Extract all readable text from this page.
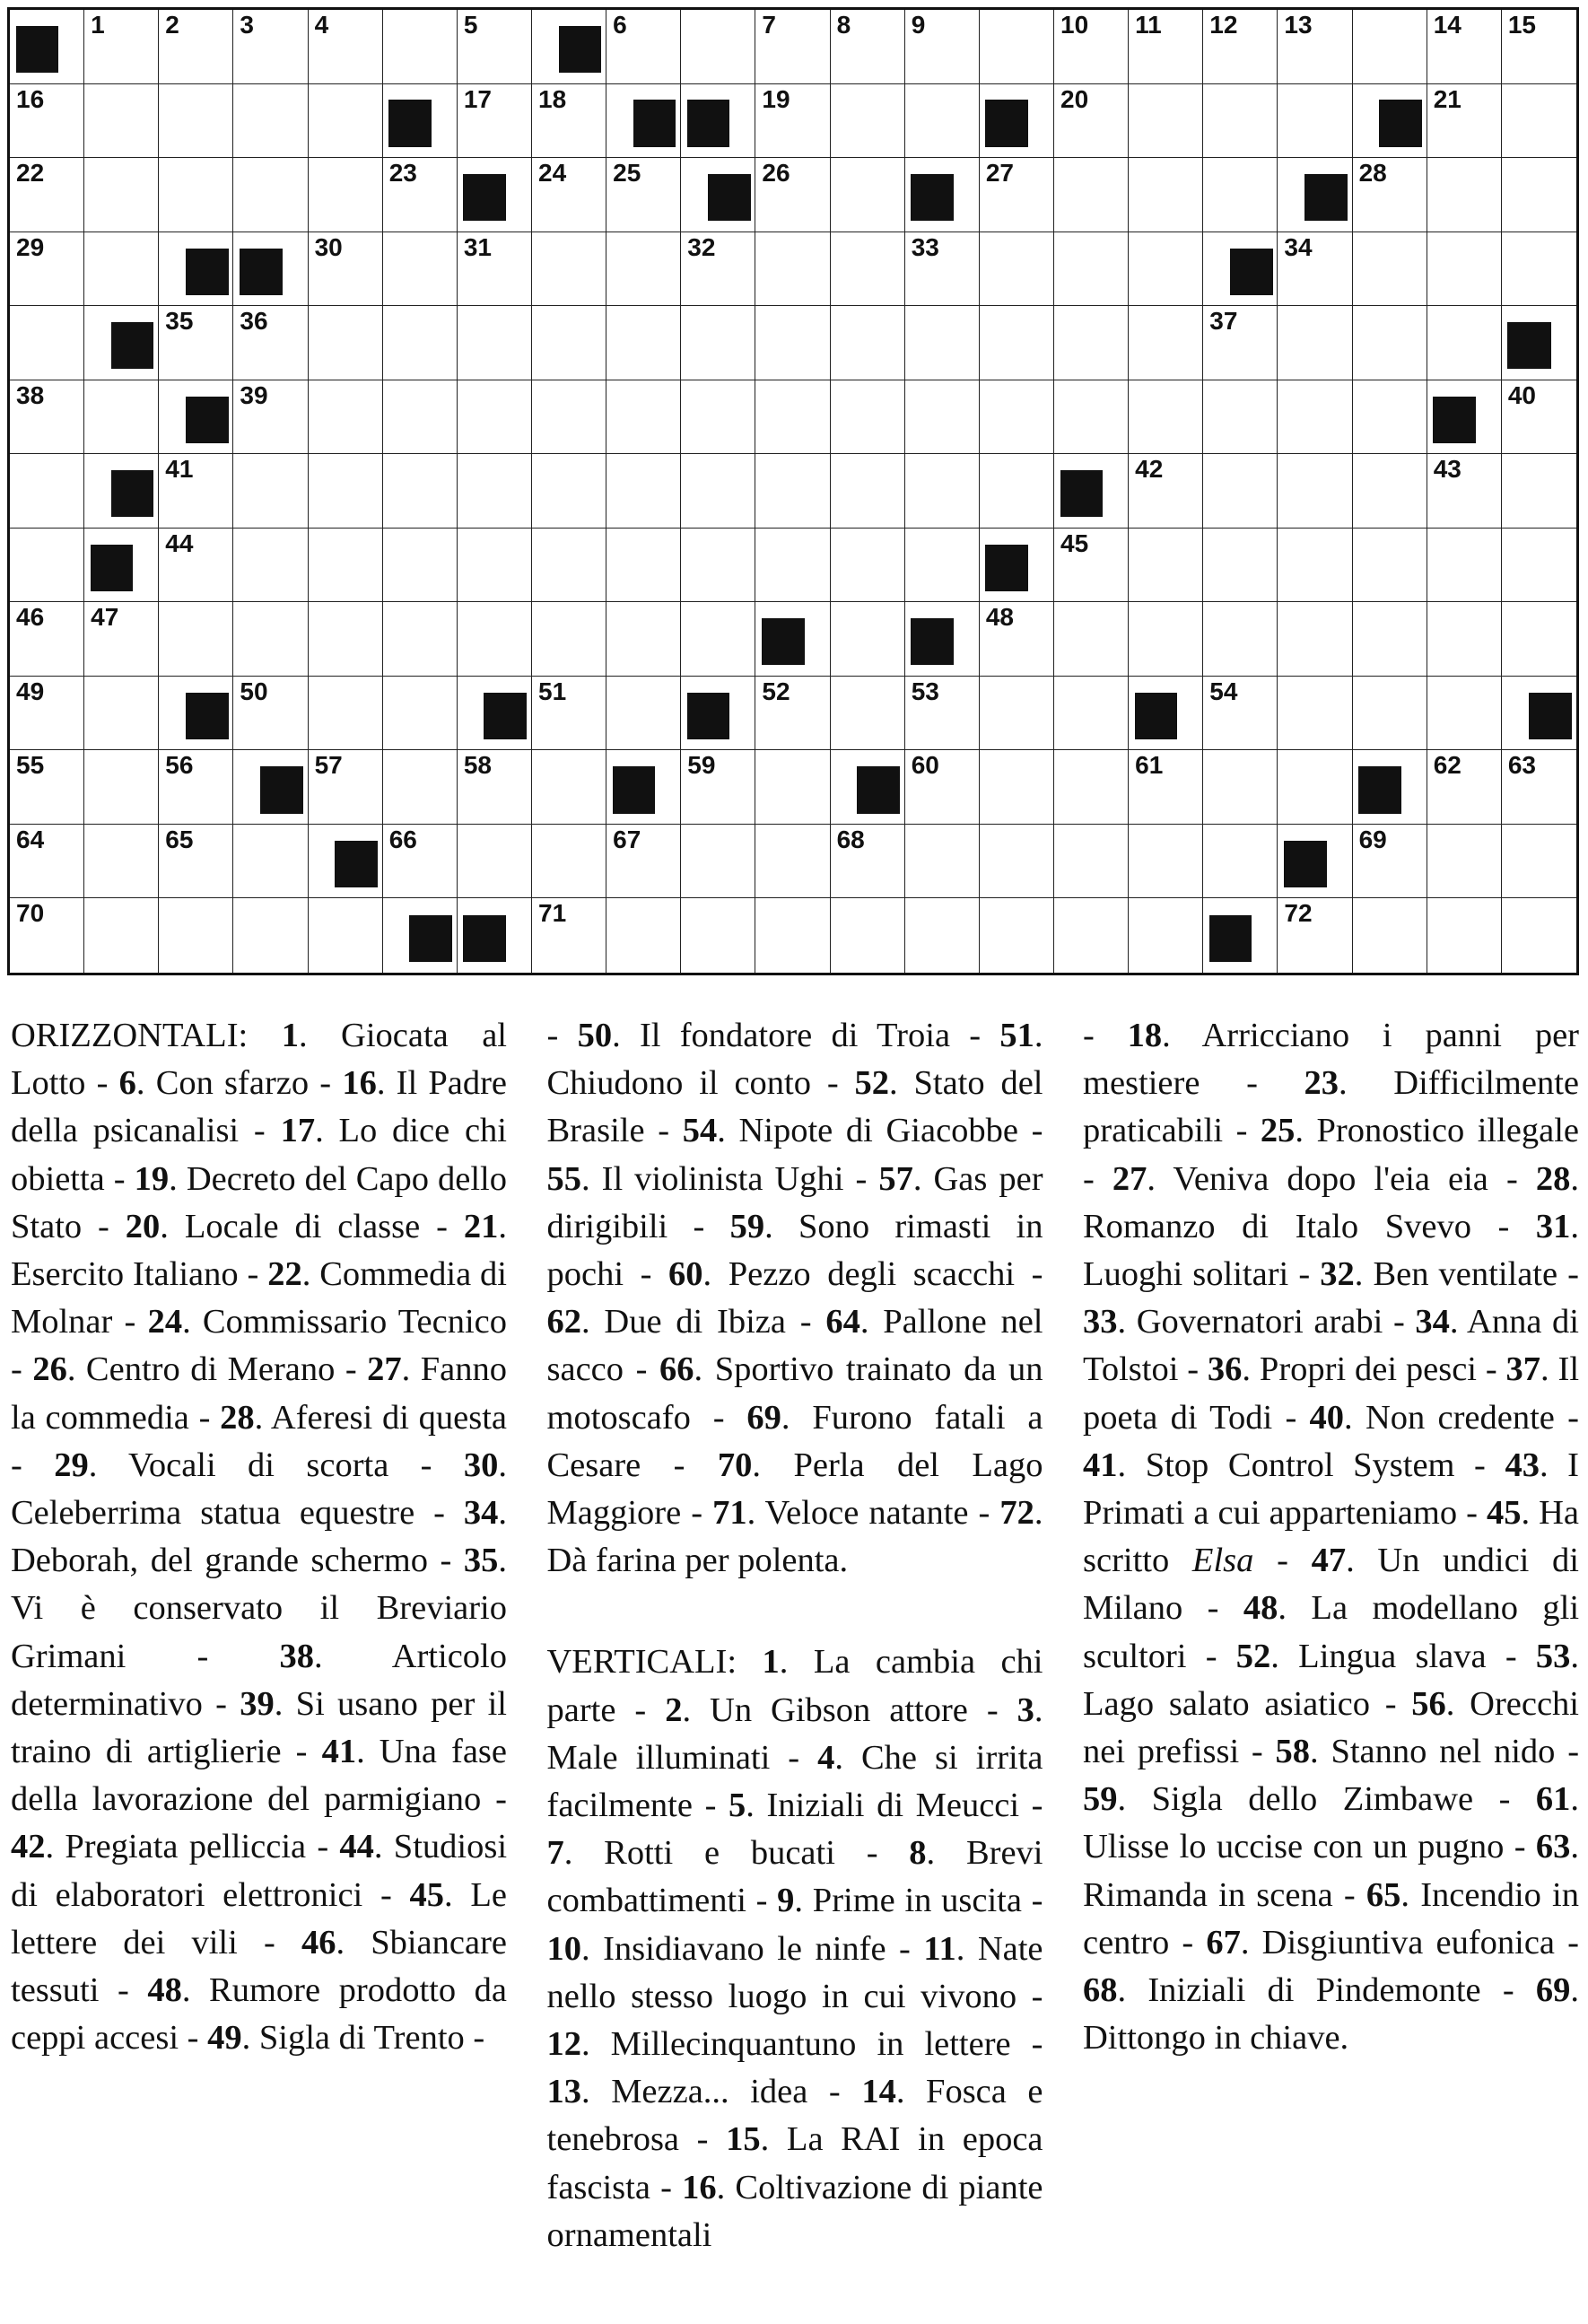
1 2 3 4	5	6	7 8 9	10 11 12 13	14 15
16	17 18	19	20	21
22	23	24 25	26	27	28
29	30	31	32	33	34
35 36	37
38	39	40
41	42	43
44	45
46 47	48
49	50	51	52	53	54
55	56	57	58	59	60	61	62 63
64	65	66	67	68	69
70	71	72

ORIZZONTALI: 1. Giocata al Lotto - 6. Con sfarzo - 16. Il Padre della psicanalisi - 17. Lo dice chi obietta - 19. Decreto del Capo dello Stato - 20. Locale di classe - 21. Esercito Italiano - 22. Commedia di Molnar - 24. Commissario Tecnico - 26. Centro di Merano - 27. Fanno la commedia - 28. Aferesi di questa - 29. Vocali di scorta - 30. Celeberrima statua equestre - 34. Deborah, del grande schermo - 35. Vi è conservato il Breviario Grimani - 38. Articolo determinativo - 39. Si usano per il traino di artiglierie - 41. Una fase della lavorazione del parmigiano - 42. Pregiata pelliccia - 44. Studiosi di elaboratori elettronici - 45. Le lettere dei vili - 46. Sbiancare tessuti - 48. Rumore prodotto da ceppi accesi - 49. Sigla di Trento -

- 50. Il fondatore di Troia - 51. Chiudono il conto - 52. Stato del Brasile - 54. Nipote di Giacobbe - 55. Il violinista Ughi - 57. Gas per dirigibili - 59. Sono rimasti in pochi - 60. Pezzo degli scacchi - 62. Due di Ibiza - 64. Pallone nel sacco - 66. Sportivo trainato da un motoscafo - 69. Furono fatali a Cesare - 70. Perla del Lago Maggiore - 71. Veloce natante - 72. Dà farina per polenta.

VERTICALI: 1. La cambia chi parte - 2. Un Gibson attore - 3. Male illuminati - 4. Che si irrita facilmente - 5. Iniziali di Meucci - 7. Rotti e bucati - 8. Brevi combattimenti - 9. Prime in uscita - 10. Insidiavano le ninfe - 11. Nate nello stesso luogo in cui vivono - 12. Millecinquantuno in lettere - 13. Mezza... idea - 14. Fosca e tenebrosa - 15. La RAI in epoca fascista - 16. Coltivazione di piante ornamentali

- 18. Arricciano i panni per mestiere - 23. Difficilmente praticabili - 25. Pronostico illegale - 27. Veniva dopo l'eia eia - 28. Romanzo di Italo Svevo - 31. Luoghi solitari - 32. Ben ventilate - 33. Governatori arabi - 34. Anna di Tolstoi - 36. Propri dei pesci - 37. Il poeta di Todi - 40. Non credente - 41. Stop Control System - 43. I Primati a cui apparteniamo - 45. Ha scritto Elsa - 47. Un undici di Milano - 48. La modellano gli scultori - 52. Lingua slava - 53. Lago salato asiatico - 56. Orecchi nei prefissi - 58. Stanno nel nido - 59. Sigla dello Zimbawe - 61. Ulisse lo uccise con un pugno - 63. Rimanda in scena - 65. Incendio in centro - 67. Disgiuntiva eufonica - 68. Iniziali di Pindemonte - 69. Dittongo in chiave.
